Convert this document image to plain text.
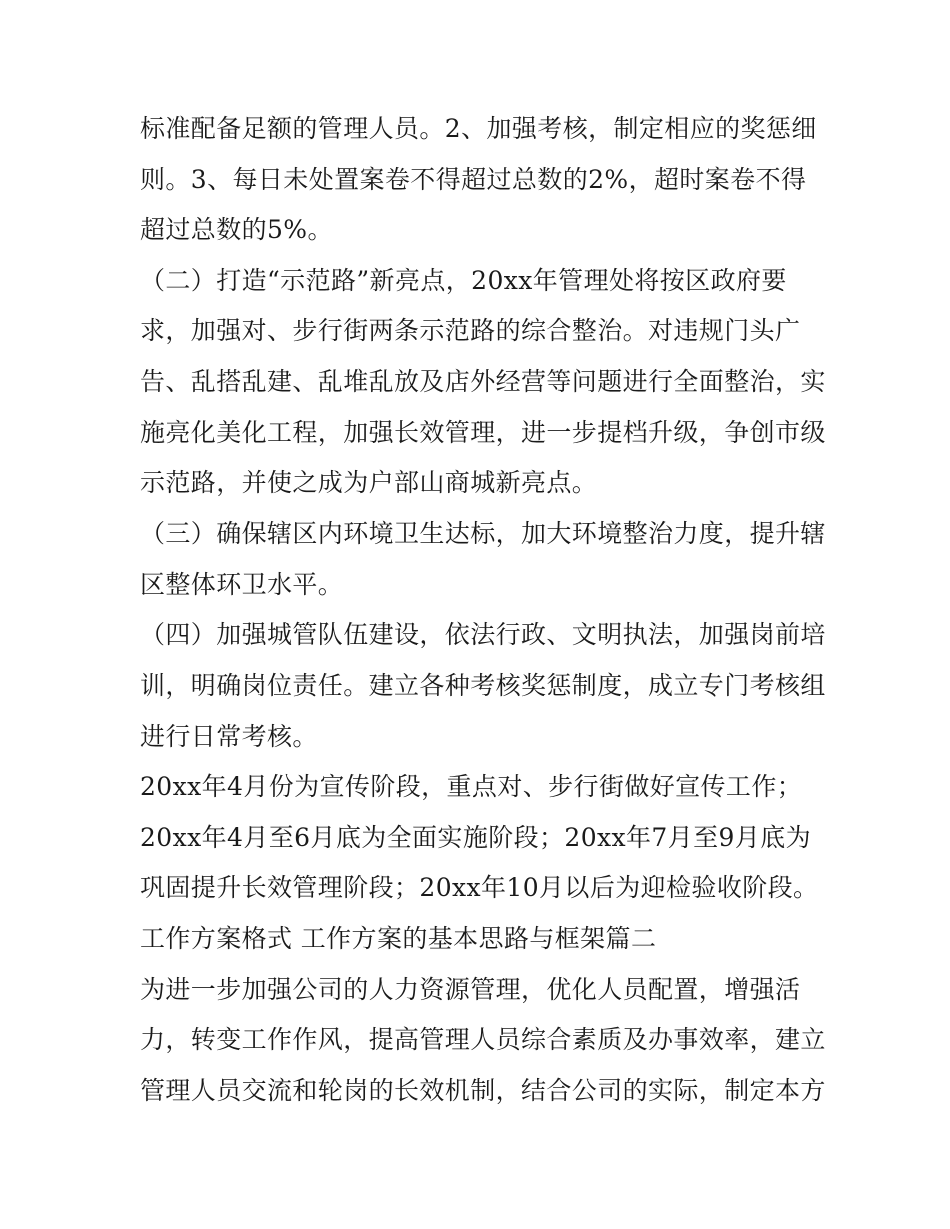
标准配备足额的管理人员。2、加强考核，制定相应的奖惩细
则。3、每日未处置案卷不得超过总数的2%，超时案卷不得
超过总数的5%。
（二）打造“示范路”新亮点，20xx年管理处将按区政府要
求，加强对、步行街两条示范路的综合整治。对违规门头广
告、乱搭乱建、乱堆乱放及店外经营等问题进行全面整治，实
施亮化美化工程，加强长效管理，进一步提档升级，争创市级
示范路，并使之成为户部山商城新亮点。
（三）确保辖区内环境卫生达标，加大环境整治力度，提升辖
区整体环卫水平。
（四）加强城管队伍建设，依法行政、文明执法，加强岗前培
训，明确岗位责任。建立各种考核奖惩制度，成立专门考核组
进行日常考核。
20xx年4月份为宣传阶段，重点对、步行街做好宣传工作；
20xx年4月至6月底为全面实施阶段；20xx年7月至9月底为
巩固提升长效管理阶段；20xx年10月以后为迎检验收阶段。
工作方案格式 工作方案的基本思路与框架篇二
为进一步加强公司的人力资源管理，优化人员配置，增强活
力，转变工作作风，提高管理人员综合素质及办事效率，建立
管理人员交流和轮岗的长效机制，结合公司的实际，制定本方
